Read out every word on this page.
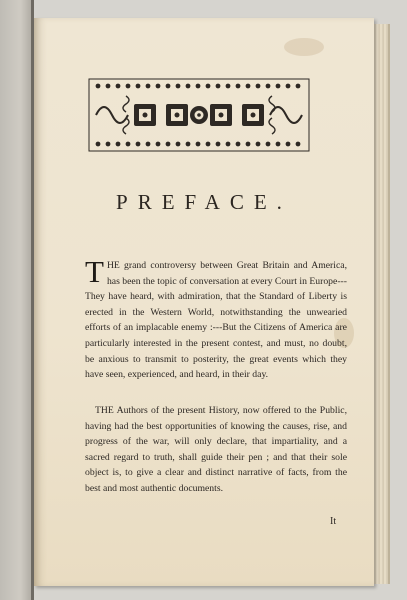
PREFACE.

THE grand controversy between Great Britain and America, has been the topic of conversation at every Court in Europe---They have heard, with admiration, that the Standard of Liberty is erected in the Western World, notwithstanding the unwearied efforts of an implacable enemy :---But the Citizens of America are particularly interested in the present contest, and must, no doubt, be anxious to transmit to posterity, the great events which they have seen, experienced, and heard, in their day.

THE Authors of the present History, now offered to the Public, having had the best opportunities of knowing the causes, rise, and progress of the war, will only declare, that impartiality, and a sacred regard to truth, shall guide their pen ; and that their sole object is, to give a clear and distinct narrative of facts, from the best and most authentic documents.

It
